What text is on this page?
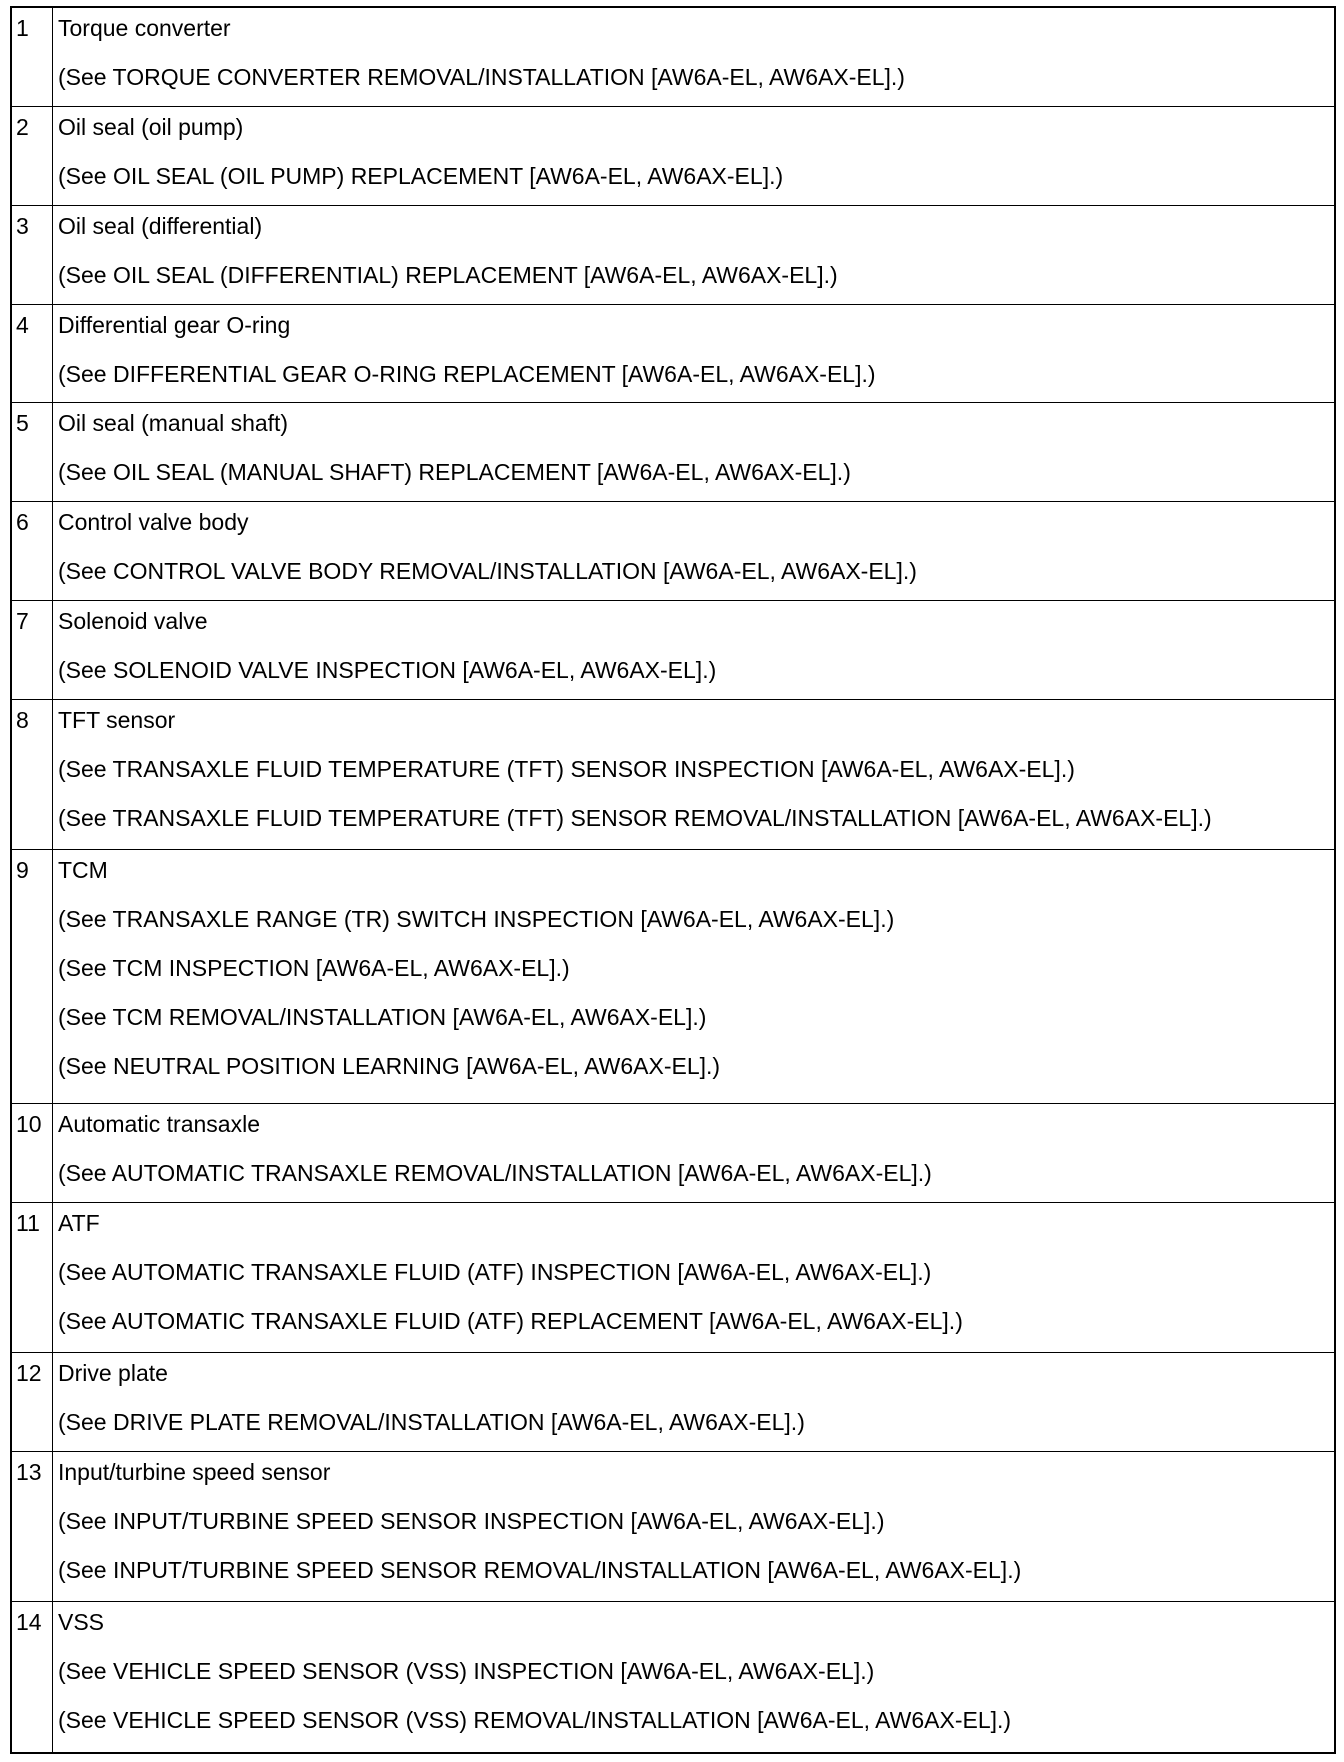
1	Torque converter
(See TORQUE CONVERTER REMOVAL/INSTALLATION [AW6A-EL, AW6AX-EL].)

2	Oil seal (oil pump)
(See OIL SEAL (OIL PUMP) REPLACEMENT [AW6A-EL, AW6AX-EL].)

3	Oil seal (differential)
(See OIL SEAL (DIFFERENTIAL) REPLACEMENT [AW6A-EL, AW6AX-EL].)

4	Differential gear O-ring
(See DIFFERENTIAL GEAR O-RING REPLACEMENT [AW6A-EL, AW6AX-EL].)

5	Oil seal (manual shaft)
(See OIL SEAL (MANUAL SHAFT) REPLACEMENT [AW6A-EL, AW6AX-EL].)

6	Control valve body
(See CONTROL VALVE BODY REMOVAL/INSTALLATION [AW6A-EL, AW6AX-EL].)

7	Solenoid valve
(See SOLENOID VALVE INSPECTION [AW6A-EL, AW6AX-EL].)

8	TFT sensor
(See TRANSAXLE FLUID TEMPERATURE (TFT) SENSOR INSPECTION [AW6A-EL, AW6AX-EL].)
(See TRANSAXLE FLUID TEMPERATURE (TFT) SENSOR REMOVAL/INSTALLATION [AW6A-EL, AW6AX-EL].)

9	TCM
(See TRANSAXLE RANGE (TR) SWITCH INSPECTION [AW6A-EL, AW6AX-EL].)
(See TCM INSPECTION [AW6A-EL, AW6AX-EL].)
(See TCM REMOVAL/INSTALLATION [AW6A-EL, AW6AX-EL].)
(See NEUTRAL POSITION LEARNING [AW6A-EL, AW6AX-EL].)

10	Automatic transaxle
(See AUTOMATIC TRANSAXLE REMOVAL/INSTALLATION [AW6A-EL, AW6AX-EL].)

11	ATF
(See AUTOMATIC TRANSAXLE FLUID (ATF) INSPECTION [AW6A-EL, AW6AX-EL].)
(See AUTOMATIC TRANSAXLE FLUID (ATF) REPLACEMENT [AW6A-EL, AW6AX-EL].)

12	Drive plate
(See DRIVE PLATE REMOVAL/INSTALLATION [AW6A-EL, AW6AX-EL].)

13	Input/turbine speed sensor
(See INPUT/TURBINE SPEED SENSOR INSPECTION [AW6A-EL, AW6AX-EL].)
(See INPUT/TURBINE SPEED SENSOR REMOVAL/INSTALLATION [AW6A-EL, AW6AX-EL].)

14	VSS
(See VEHICLE SPEED SENSOR (VSS) INSPECTION [AW6A-EL, AW6AX-EL].)
(See VEHICLE SPEED SENSOR (VSS) REMOVAL/INSTALLATION [AW6A-EL, AW6AX-EL].)
